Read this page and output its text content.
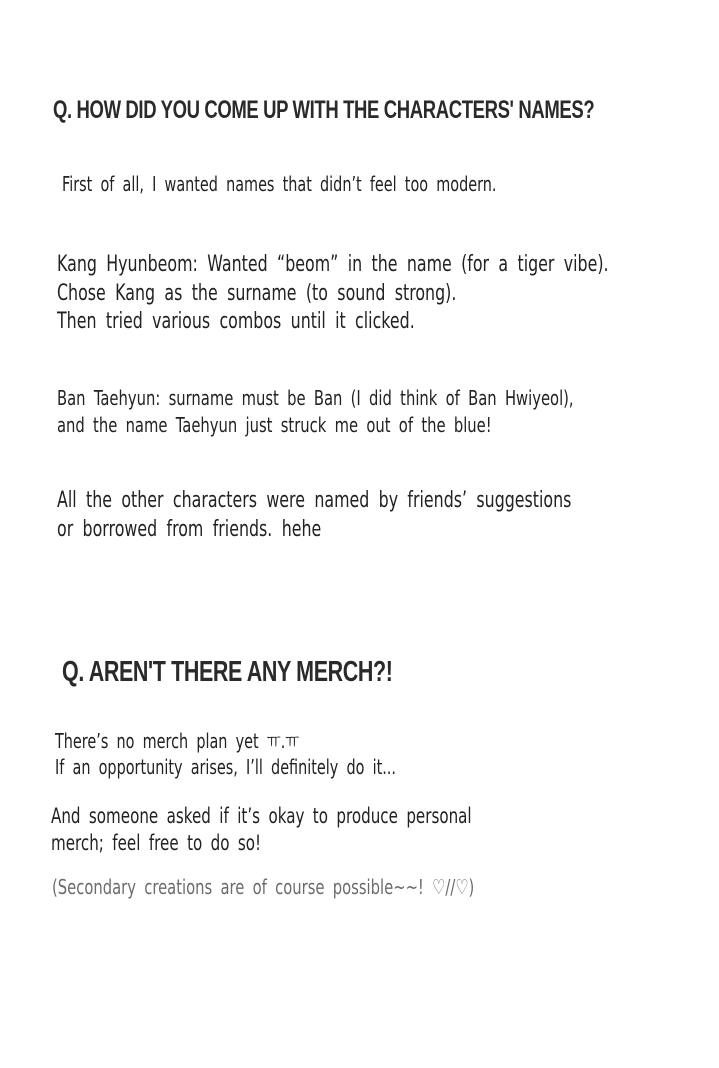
Q. HOW DID YOU COME UP WITH THE CHARACTERS' NAMES?

First of all, I wanted names that didn’t feel too modern.

Kang Hyunbeom: Wanted “beom” in the name (for a tiger vibe).
Chose Kang as the surname (to sound strong).
Then tried various combos until it clicked.

Ban Taehyun: surname must be Ban (I did think of Ban Hwiyeol),
and the name Taehyun just struck me out of the blue!

All the other characters were named by friends’ suggestions
or borrowed from friends. hehe

Q. AREN'T THERE ANY MERCH?!

There’s no merch plan yet ㅠ.ㅠ
If an opportunity arises, I’ll definitely do it...

And someone asked if it’s okay to produce personal
merch; feel free to do so!

(Secondary creations are of course possible~~! ♡//♡)
